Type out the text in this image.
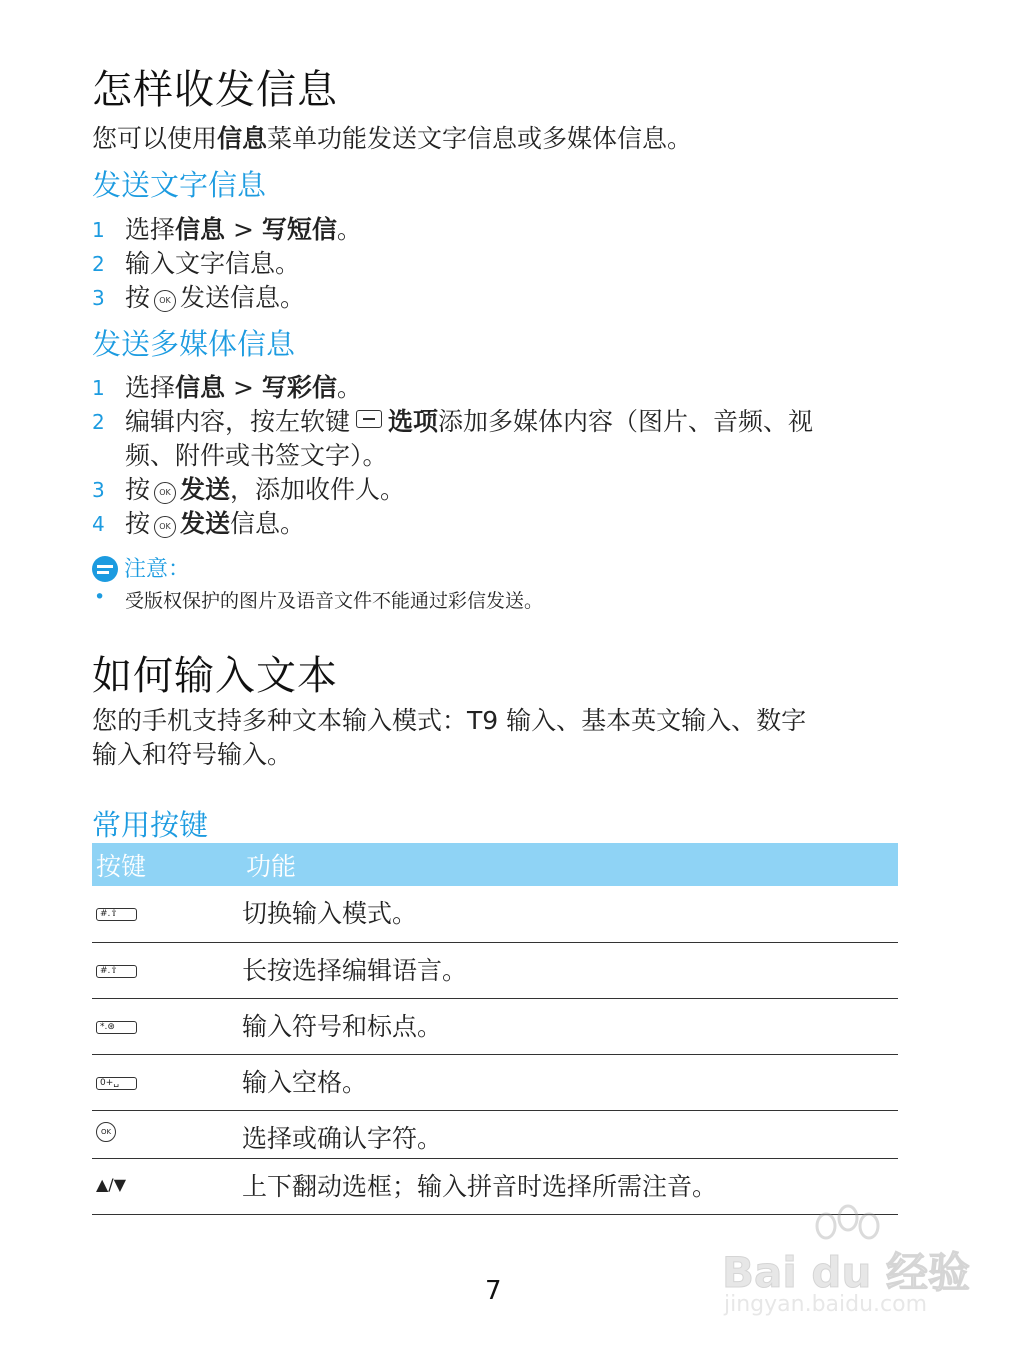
怎样收发信息
您可以使用信息菜单功能发送文字信息或多媒体信息。
发送文字信息
1 选择信息 > 写短信。
2 输入文字信息。
3 按 OK 发送信息。
发送多媒体信息
1 选择信息 > 写彩信。
2 编辑内容，按左软键 选项添加多媒体内容（图片、音频、视
频、附件或书签文字）。
3 按 OK 发送，添加收件人。
4 按 OK 发送信息。
注意：
• 受版权保护的图片及语音文件不能通过彩信发送。
如何输入文本
您的手机支持多种文本输入模式：T9 输入、基本英文输入、数字
输入和符号输入。
常用按键
按键	功能
#.⇧	切换输入模式。
#.⇧	长按选择编辑语言。
*.⊛	输入符号和标点。
0+␣	输入空格。
OK	选择或确认字符。
▲/▼	上下翻动选框；输入拼音时选择所需注音。
7	Bai du 经验
jingyan.baidu.com
